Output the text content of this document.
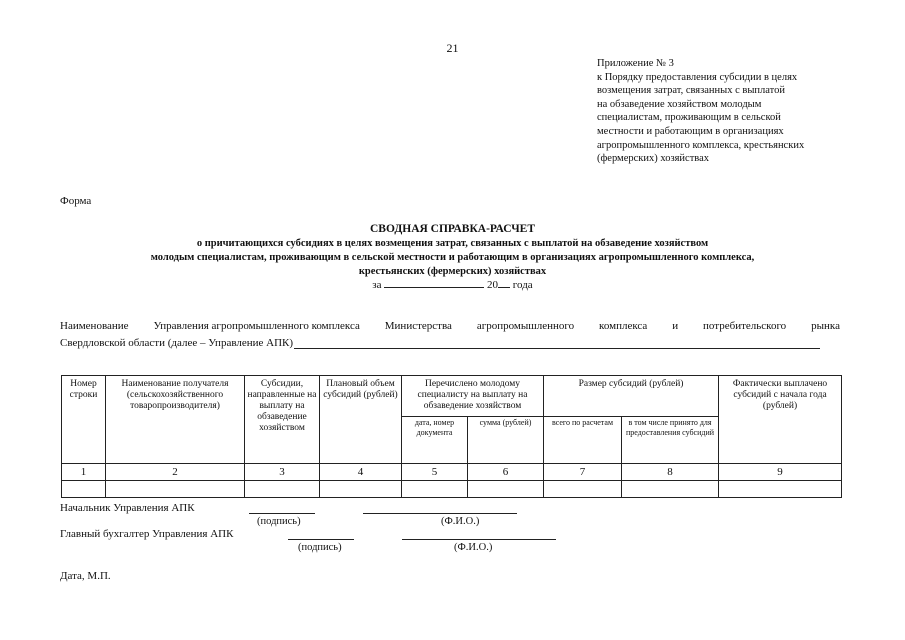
21
Приложение № 3
к Порядку предоставления субсидии в целях
возмещения затрат, связанных с выплатой
на обзаведение хозяйством молодым
специалистам, проживающим в сельской
местности и работающим в организациях
агропромышленного комплекса, крестьянских
(фермерских) хозяйствах
Форма
СВОДНАЯ СПРАВКА-РАСЧЕТ
о причитающихся субсидиях в целях возмещения затрат, связанных с выплатой на обзаведение хозяйством
молодым специалистам, проживающим в сельской местности и работающим в организациях агропромышленного комплекса,
крестьянских (фермерских) хозяйствах
за	20 года
Наименование Управления агропромышленного комплекса Министерства агропромышленного комплекса и потребительского рынка
Свердловской области (далее – Управление АПК)
Номер строки	Наименование получателя (сельскохозяйственного товаропроизводителя)	Субсидии, направленные на выплату на обзаведение хозяйством	Плановый объем субсидий (рублей)	Перечислено молодому специалисту на выплату на обзаведение хозяйством		Размер субсидий (рублей)		Фактически выплачено субсидий с начала года (рублей)
				дата, номер документа	сумма (рублей)	всего по расчетам	в том числе принято для предоставления субсидий	
1	2	3	4	5	6	7	8	9

Начальник Управления АПК
(подпись)	(Ф.И.О.)
Главный бухгалтер Управления АПК
(подпись)	(Ф.И.О.)
Дата, М.П.
